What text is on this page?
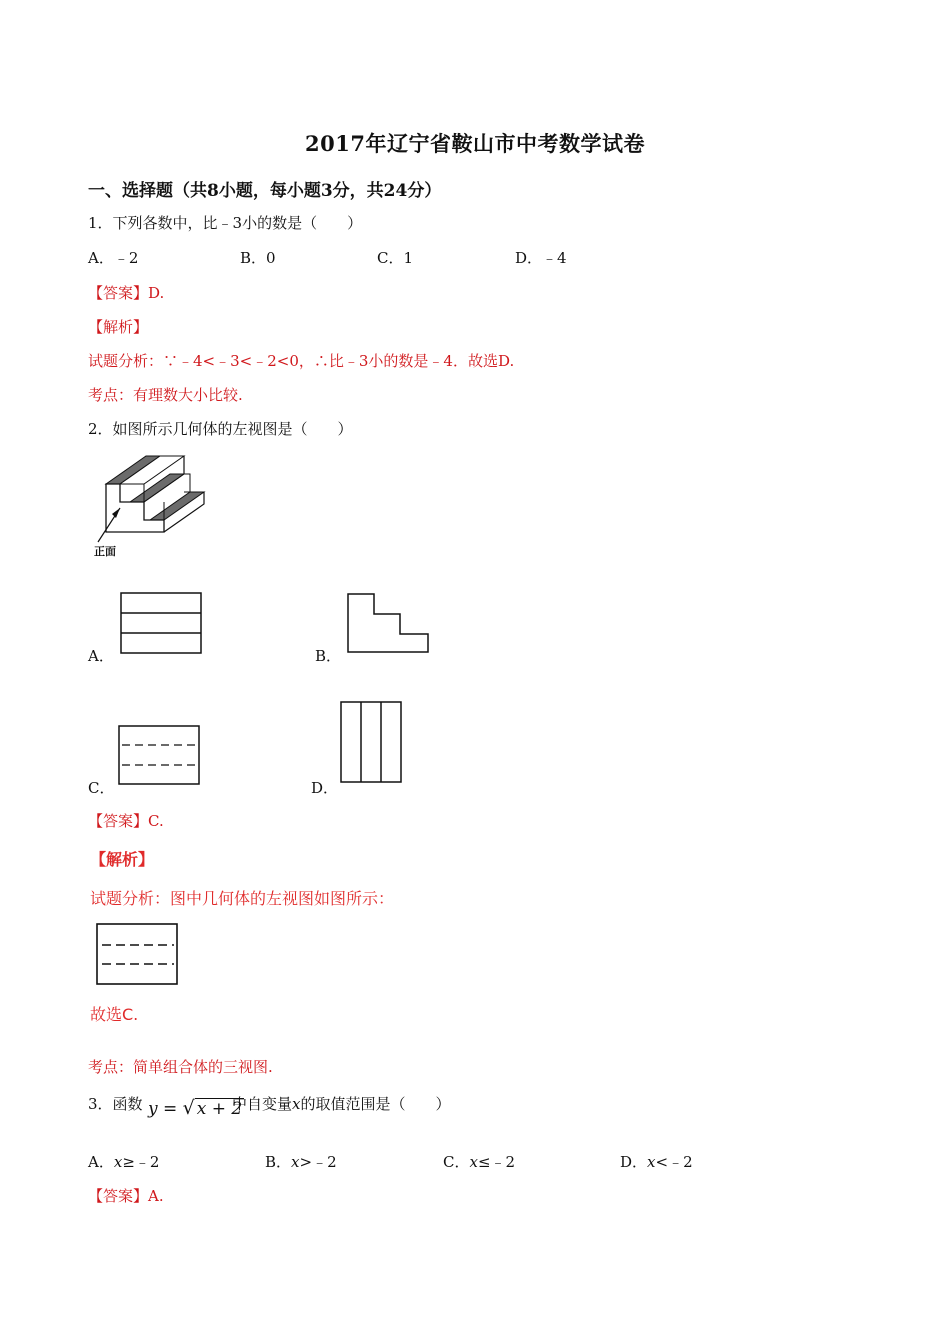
2017年辽宁省鞍山市中考数学试卷
一、选择题（共8小题，每小题3分，共24分）
1．下列各数中，比﹣3小的数是（　　）
A．﹣2	B．0	C．1	D．﹣4
【答案】D.
【解析】
试题分析：∵﹣4<﹣3<﹣2<0，∴比﹣3小的数是﹣4．故选D.
考点：有理数大小比较.
2．如图所示几何体的左视图是（　　）
正面
A．	B．
C．	D．
【答案】C.
【解析】
试题分析：图中几何体的左视图如图所示：
故选C.
考点：简单组合体的三视图.
3．函数 y = √ x + 2
中自变量x的取值范围是（　　）
A．x≥﹣2	B．x>﹣2	C．x≤﹣2	D．x<﹣2
【答案】A.
